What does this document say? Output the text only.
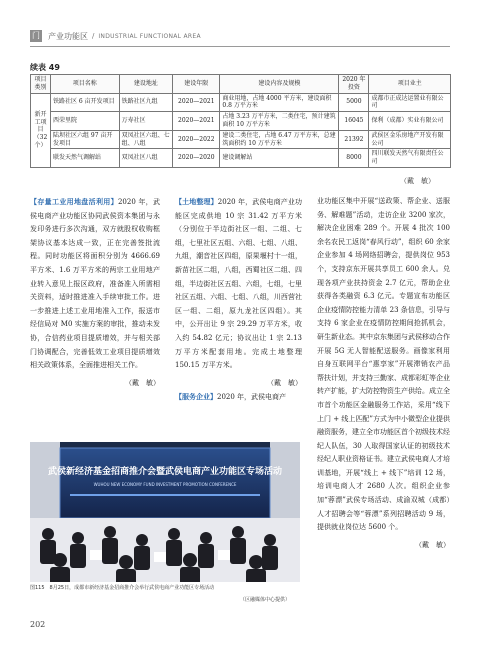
门 产业功能区 / INDUSTRIAL FUNCTIONAL AREA
续表 49
项目类别	项目名称	建设地址	建设年限	建设内容及规模	2020 年投资	项目业主
新开工项目（32个）	铁路社区 6 亩开发项目	铁路社区九组	2020—2021	商业用地，占地 4000 平方米，建设面积 0.8 万平方米	5000	成都市正成达运置业有限公司
	西荣里院	万寿社区	2020—2021	占地 3.23 万平方米，二类住宅，预计建筑面积 10 万平方米	16045	保利（成都）实业有限公司
	陆坝社区六组 97 亩开发项目	双凤社区六组、七组、八组	2020—2022	建设二类住宅，占地 6.47 万平方米，总建筑面积约 10 万平方米	21392	武侯区金乐房地产开发有限公司
	联发天然气调解站	双凤社区八组	2020—2020	建设调解站	8000	四川联发天然气有限责任公司
（戴　敏）

【存量工业用地盘活利用】2020 年，武侯电商产业功能区协同武侯资本集团与永发印务进行多次沟通，双方就股权收购框架协议基本达成一致，正在完善签批流程。同时功能区将面积分别为 4666.69 平方米、1.6 万平方米的两宗工业用地产业转入意见上报区政府，准备准入所需相关资料，适时推进准入手续审批工作。进一步推进上述工业用地准入工作，报送市经信局对 M0 实施方案的审批，推动未发协，合信药业项目提质增效，并与相关部门协调配合，完善低效工业项目提质增效相关政策体系，全面推进相关工作。

（戴　敏）

【土地整理】2020 年，武侯电商产业功能区完成供地 10 宗 31.42 万平方米（分别位于半边街社区一组、二组、七组，七里社区五组、六组、七组、八组、九组，潮音社区四组，原果堰村十一组，新苗社区二组，八组，西蜀社区二组、四组，半边街社区五组、六组，七组，七里社区五组、六组、七组、八组，川西营社区一组、二组，原九龙社区四组）。其中，公开出让 9 宗 29.29 万平方米，收入约 54.82 亿元；协议出让 1 宗 2.13 万平方米配套用地。完成土地整理 150.15 万平方米。

（戴　敏）

【服务企业】2020 年，武侯电商产

业功能区集中开展“送政策、帮企业、送服务、解难题”活动，走访企业 3200 家次，解决企业困难 289 个。开展 4 批次 100 余名农民工返岗“春风行动”，组织 60 余家企业参加 4 场网络招聘会，提供岗位 953 个，支持京东开展共享员工 600 余人。兑现各项产业扶持资金 2.7 亿元，帮助企业获得各类融资 6.3 亿元。专题宣布功能区企业疫情防控能力清单 23 条信息，引导与支持 6 家企业在疫情防控期间抢抓机会，研生新业态。其中京东集团与武侯移动合作开展 5G 无人智能配送服务。画像家利用自身互联网平台“惠享家”开展滞销农产品帮扶计划，并支持三勤家、成都彩虹等企业转产扩能，扩大防控物资生产供给。成立全市首个功能区金融服务工作站，采用“线下上门 + 线上匹配”方式为中小微型企业提供融资服务，建立全市功能区首个初级技术经纪人队伍，30 人取得国家认证的初级技术经纪人职业资格证书。建立武侯电商人才培训基地，开展“线上 + 线下”培训 12 场，培训电商人才 2680 人次。组织企业参加“蓉漂”武侯专场活动、成渝双城（成都）人才招聘会等“蓉漂”系列招聘活动 9 场，提供就业岗位达 5600 个。

（戴　敏）

武侯新经济基金招商推介会暨武侯电商产业功能区专场活动
WUHOU NEW ECONOMY FUND INVESTMENT PROMOTION CONFERENCE
图115　8月25日，成都市新经济基金招商推介会举行武侯电商产业功能区专场活动
（区融媒体中心提供）
202
